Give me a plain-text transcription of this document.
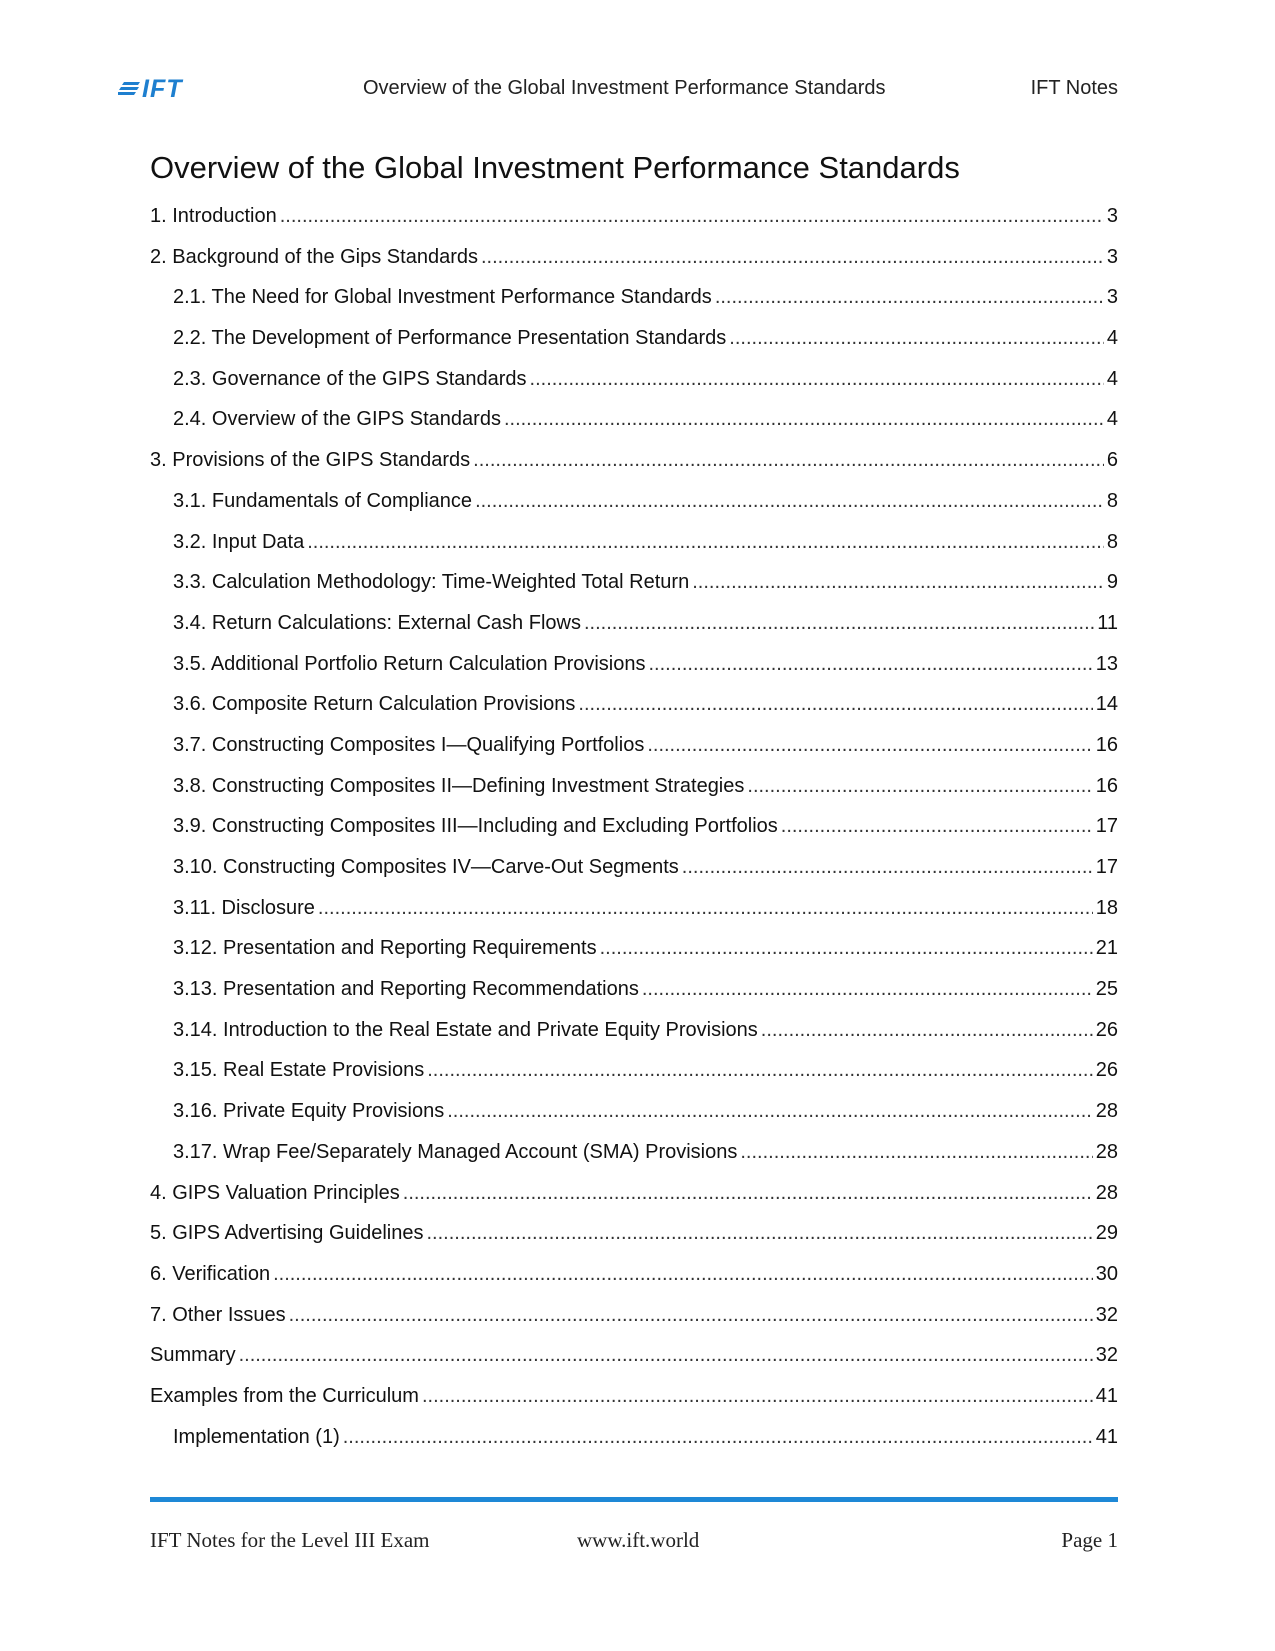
IFT	Overview of the Global Investment Performance Standards	IFT Notes
Overview of the Global Investment Performance Standards
1. Introduction .....	3
2. Background of the Gips Standards .....	3
2.1. The Need for Global Investment Performance Standards .....	3
2.2. The Development of Performance Presentation Standards .....	4
2.3. Governance of the GIPS Standards .....	4
2.4. Overview of the GIPS Standards .....	4
3. Provisions of the GIPS Standards .....	6
3.1. Fundamentals of Compliance .....	8
3.2. Input Data .....	8
3.3. Calculation Methodology: Time-Weighted Total Return .....	9
3.4. Return Calculations: External Cash Flows .....	11
3.5. Additional Portfolio Return Calculation Provisions .....	13
3.6. Composite Return Calculation Provisions .....	14
3.7. Constructing Composites I—Qualifying Portfolios .....	16
3.8. Constructing Composites II—Defining Investment Strategies .....	16
3.9. Constructing Composites III—Including and Excluding Portfolios .....	17
3.10. Constructing Composites IV—Carve-Out Segments .....	17
3.11. Disclosure .....	18
3.12. Presentation and Reporting Requirements .....	21
3.13. Presentation and Reporting Recommendations .....	25
3.14. Introduction to the Real Estate and Private Equity Provisions .....	26
3.15. Real Estate Provisions .....	26
3.16. Private Equity Provisions .....	28
3.17. Wrap Fee/Separately Managed Account (SMA) Provisions .....	28
4. GIPS Valuation Principles .....	28
5. GIPS Advertising Guidelines .....	29
6. Verification .....	30
7. Other Issues .....	32
Summary .....	32
Examples from the Curriculum .....	41
Implementation (1) .....	41
IFT Notes for the Level III Exam	www.ift.world	Page 1
